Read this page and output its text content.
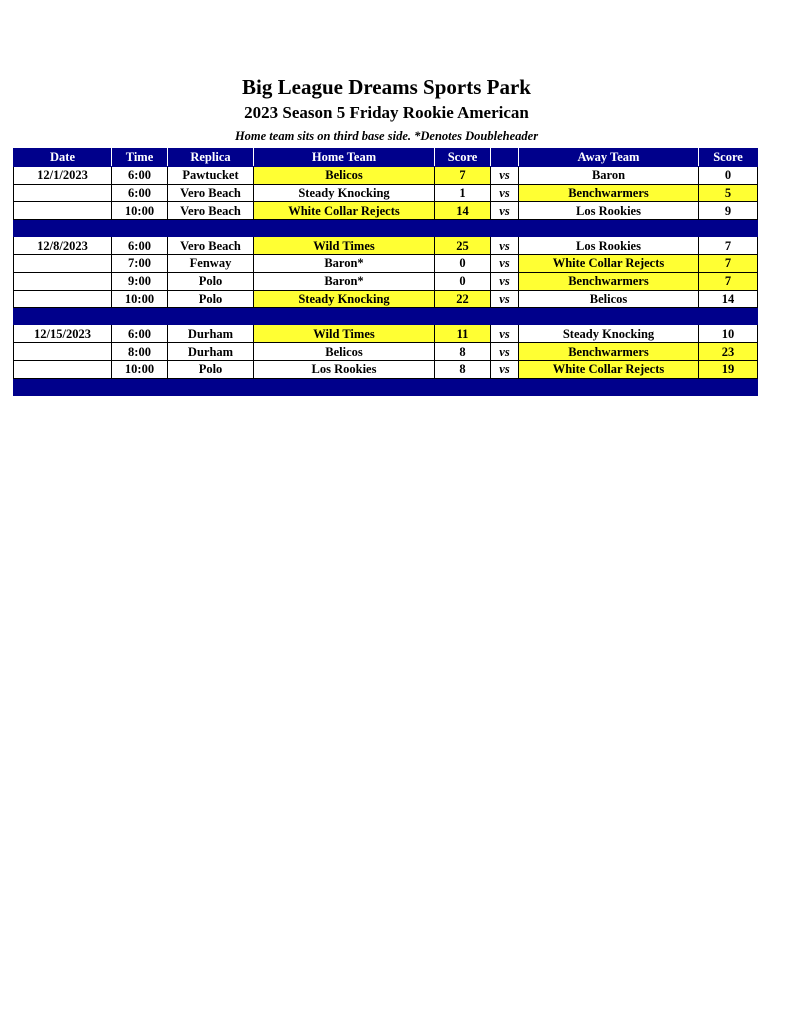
Big League Dreams Sports Park
2023 Season 5 Friday Rookie American

Home team sits on third base side. *Denotes Doubleheader

Date	Time	Replica	Home Team	Score		Away Team	Score
12/1/2023	6:00	Pawtucket	Belicos	7	vs	Baron	0
	6:00	Vero Beach	Steady Knocking	1	vs	Benchwarmers	5
	10:00	Vero Beach	White Collar Rejects	14	vs	Los Rookies	9

12/8/2023	6:00	Vero Beach	Wild Times	25	vs	Los Rookies	7
	7:00	Fenway	Baron*	0	vs	White Collar Rejects	7
	9:00	Polo	Baron*	0	vs	Benchwarmers	7
	10:00	Polo	Steady Knocking	22	vs	Belicos	14

12/15/2023	6:00	Durham	Wild Times	11	vs	Steady Knocking	10
	8:00	Durham	Belicos	8	vs	Benchwarmers	23
	10:00	Polo	Los Rookies	8	vs	White Collar Rejects	19
